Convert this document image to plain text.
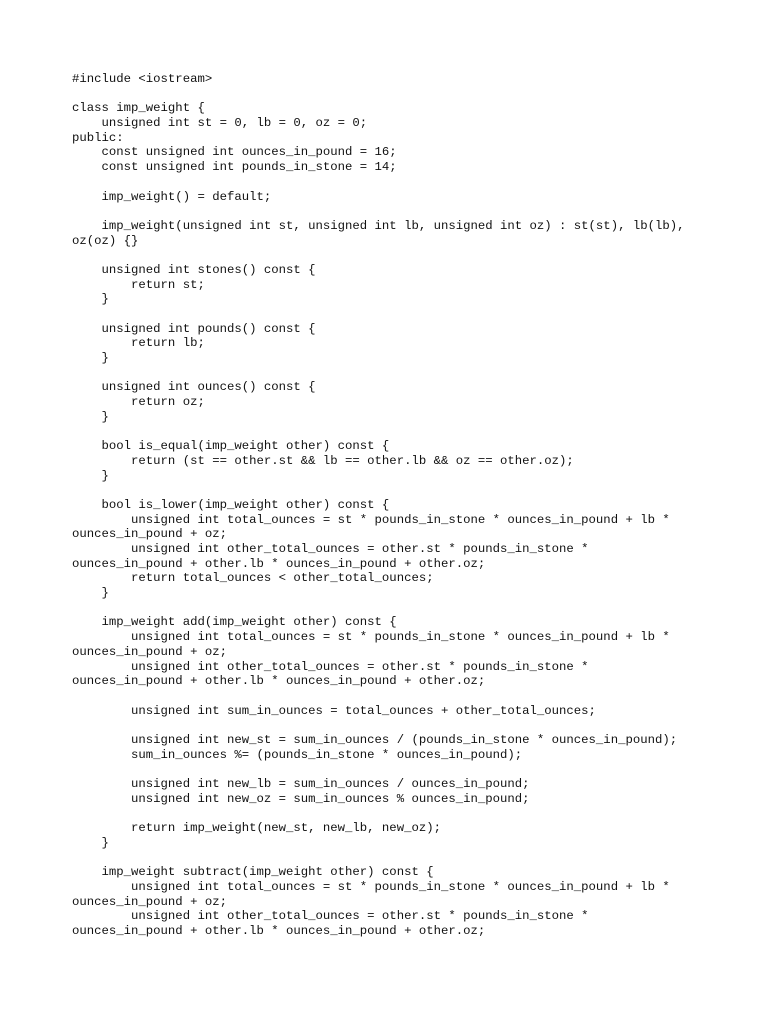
#include <iostream>
class imp_weight {
unsigned int st = 0, lb = 0, oz = 0;
public:
const unsigned int ounces_in_pound = 16;
const unsigned int pounds_in_stone = 14;
imp_weight() = default;
imp_weight(unsigned int st, unsigned int lb, unsigned int oz) : st(st), lb(lb),
oz(oz) {}
unsigned int stones() const {
return st;
}
unsigned int pounds() const {
return lb;
}
unsigned int ounces() const {
return oz;
}
bool is_equal(imp_weight other) const {
return (st == other.st && lb == other.lb && oz == other.oz);
}
bool is_lower(imp_weight other) const {
unsigned int total_ounces = st * pounds_in_stone * ounces_in_pound + lb *
ounces_in_pound + oz;
unsigned int other_total_ounces = other.st * pounds_in_stone *
ounces_in_pound + other.lb * ounces_in_pound + other.oz;
return total_ounces < other_total_ounces;
}
imp_weight add(imp_weight other) const {
unsigned int total_ounces = st * pounds_in_stone * ounces_in_pound + lb *
ounces_in_pound + oz;
unsigned int other_total_ounces = other.st * pounds_in_stone *
ounces_in_pound + other.lb * ounces_in_pound + other.oz;
unsigned int sum_in_ounces = total_ounces + other_total_ounces;
unsigned int new_st = sum_in_ounces / (pounds_in_stone * ounces_in_pound);
sum_in_ounces %= (pounds_in_stone * ounces_in_pound);
unsigned int new_lb = sum_in_ounces / ounces_in_pound;
unsigned int new_oz = sum_in_ounces % ounces_in_pound;
return imp_weight(new_st, new_lb, new_oz);
}
imp_weight subtract(imp_weight other) const {
unsigned int total_ounces = st * pounds_in_stone * ounces_in_pound + lb *
ounces_in_pound + oz;
unsigned int other_total_ounces = other.st * pounds_in_stone *
ounces_in_pound + other.lb * ounces_in_pound + other.oz;
